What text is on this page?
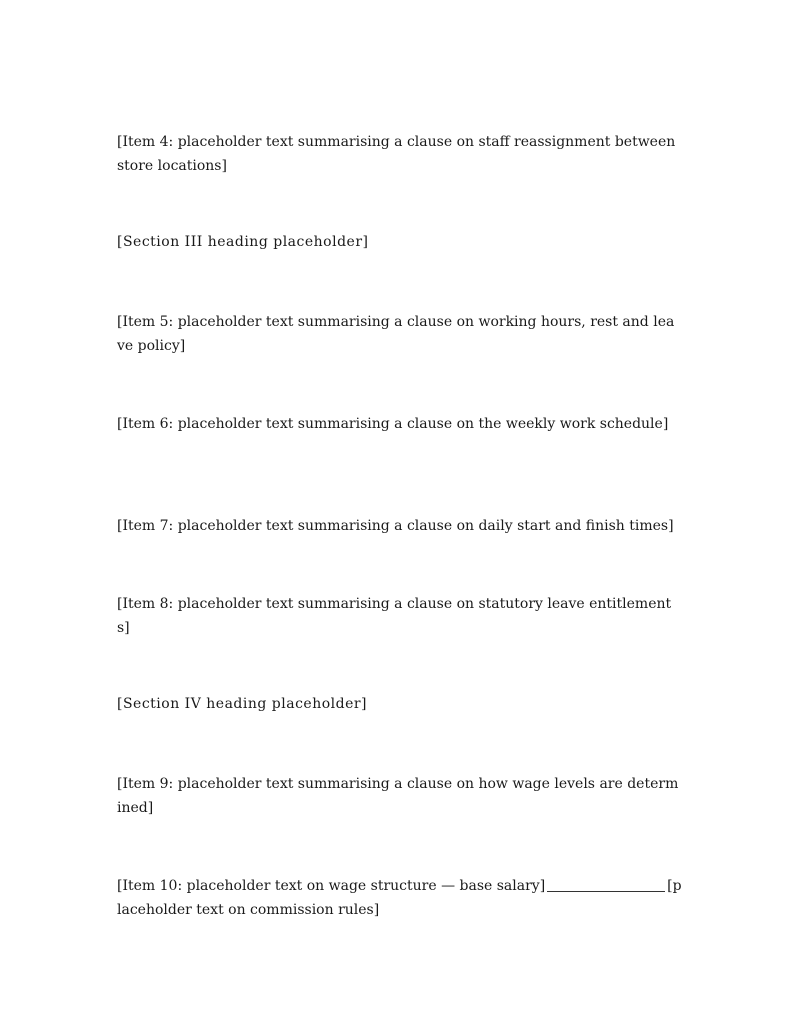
[Item 4: placeholder text summarising a clause on staff reassignment between store locations]

[Section III heading placeholder]

[Item 5: placeholder text summarising a clause on working hours, rest and leave policy]

[Item 6: placeholder text summarising a clause on the weekly work schedule]

[Item 7: placeholder text summarising a clause on daily start and finish times]

[Item 8: placeholder text summarising a clause on statutory leave entitlements]

[Section IV heading placeholder]

[Item 9: placeholder text summarising a clause on how wage levels are determined]

[Item 10: placeholder text on wage structure — base salary]	[placeholder text on commission rules]
